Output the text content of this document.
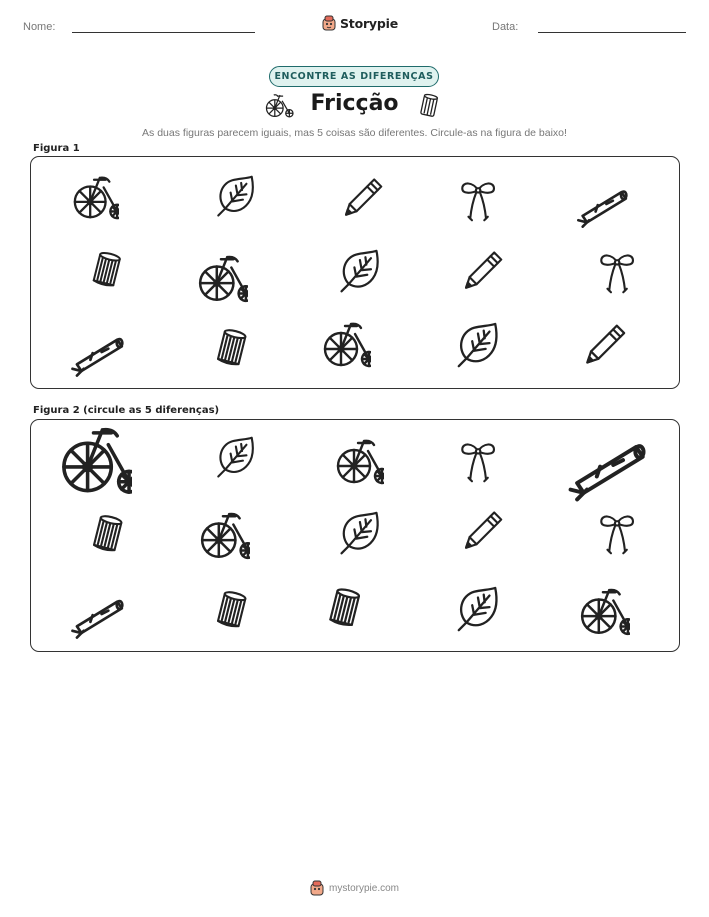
Nome:	Storypie	Data:
ENCONTRE AS DIFERENÇAS
Fricção
As duas figuras parecem iguais, mas 5 coisas são diferentes. Circule-as na figura de baixo!
Figura 1
Figura 2 (circule as 5 diferenças)
mystorypie.com
